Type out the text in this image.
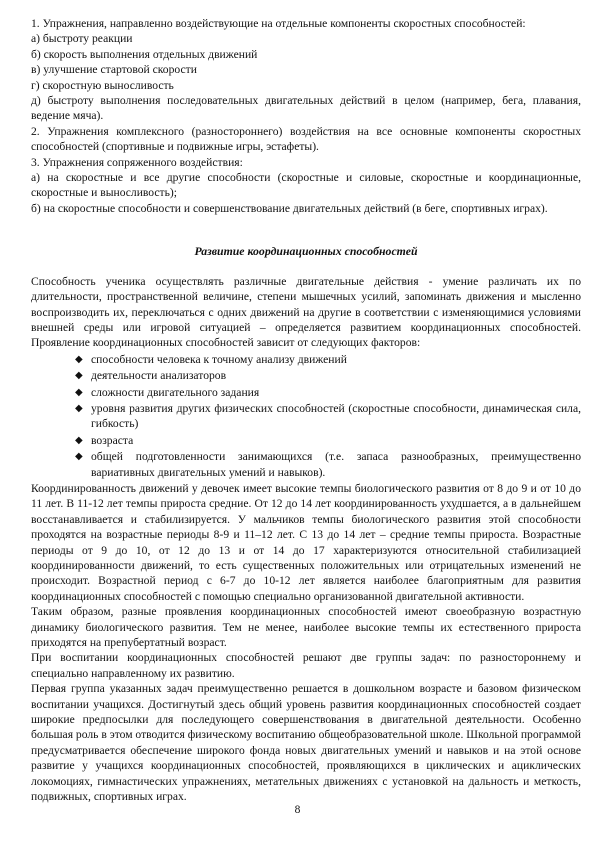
1. Упражнения, направленно воздействующие на отдельные компоненты скоростных способностей:

а) быстроту реакции

б) скорость выполнения отдельных движений

в) улучшение стартовой скорости

г) скоростную выносливость

д) быстроту выполнения последовательных двигательных действий в целом (например, бега, плавания, ведение мяча).

2. Упражнения комплексного (разностороннего) воздействия на все основные компоненты скоростных способностей (спортивные и подвижные игры, эстафеты).

3. Упражнения сопряженного воздействия:

а) на скоростные и все другие способности (скоростные и силовые, скоростные и координационные, скоростные и выносливость);

б) на скоростные способности и совершенствование двигательных действий (в беге, спортивных играх).

Развитие координационных способностей

Способность ученика осуществлять различные двигательные действия - умение различать их по длительности, пространственной величине, степени мышечных усилий, запоминать движения и мысленно воспроизводить их, переключаться с одних движений на другие в соответствии с изменяющимися условиями внешней среды или игровой ситуацией – определяется развитием координационных способностей. Проявление координационных способностей зависит от следующих факторов:

◆ способности человека к точному анализу движений
◆ деятельности анализаторов
◆ сложности двигательного задания
◆ уровня развития других физических способностей (скоростные способности, динамическая сила, гибкость)
◆ возраста
◆ общей подготовленности занимающихся (т.е. запаса разнообразных, преимущественно вариативных двигательных умений и навыков).

Координированность движений у девочек имеет высокие темпы биологического развития от 8 до 9 и от 10 до 11 лет. В 11-12 лет темпы прироста средние. От 12 до 14 лет координированность ухудшается, а в дальнейшем восстанавливается и стабилизируется. У мальчиков темпы биологического развития этой способности проходятся на возрастные периоды 8-9 и 11–12 лет. С 13 до 14 лет – средние темпы прироста. Возрастные периоды от 9 до 10, от 12 до 13 и от 14 до 17 характеризуются относительной стабилизацией координированности движений, то есть существенных положительных или отрицательных изменений не происходит. Возрастной период с 6-7 до 10-12 лет является наиболее благоприятным для развития координационных способностей с помощью специально организованной двигательной активности.

Таким образом, разные проявления координационных способностей имеют своеобразную возрастную динамику биологического развития. Тем не менее, наиболее высокие темпы их естественного прироста приходятся на препубертатный возраст.

При воспитании координационных способностей решают две группы задач: по разностороннему и специально направленному их развитию.

Первая группа указанных задач преимущественно решается в дошкольном возрасте и базовом физическом воспитании учащихся. Достигнутый здесь общий уровень развития координационных способностей создает широкие предпосылки для последующего совершенствования в двигательной деятельности. Особенно большая роль в этом отводится физическому воспитанию общеобразовательной школе. Школьной программой предусматривается обеспечение широкого фонда новых двигательных умений и навыков и на этой основе развитие у учащихся координационных способностей, проявляющихся в циклических и ациклических локомоциях, гимнастических упражнениях, метательных движениях с установкой на дальность и меткость, подвижных, спортивных играх.

8
